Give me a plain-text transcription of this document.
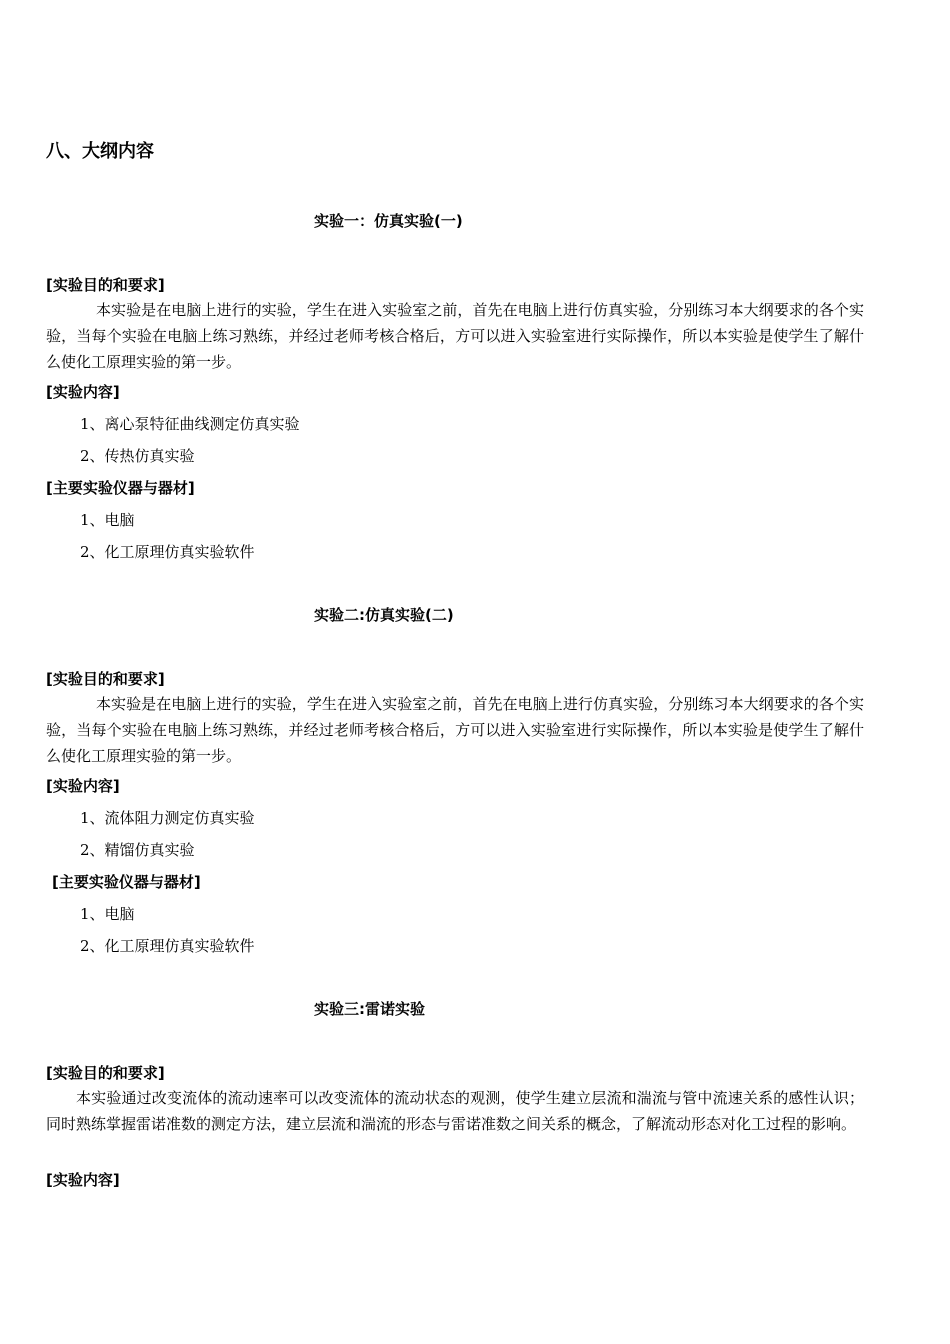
八、大纲内容
实验一：仿真实验(一)
[实验目的和要求]

本实验是在电脑上进行的实验，学生在进入实验室之前，首先在电脑上进行仿真实验，分别练习本大纲要求的各个实验，当每个实验在电脑上练习熟练，并经过老师考核合格后，方可以进入实验室进行实际操作，所以本实验是使学生了解什么使化工原理实验的第一步。

[实验内容]
1、离心泵特征曲线测定仿真实验
2、传热仿真实验
[主要实验仪器与器材]
1、电脑
2、化工原理仿真实验软件
实验二:仿真实验(二)
[实验目的和要求]

本实验是在电脑上进行的实验，学生在进入实验室之前，首先在电脑上进行仿真实验，分别练习本大纲要求的各个实验，当每个实验在电脑上练习熟练，并经过老师考核合格后，方可以进入实验室进行实际操作，所以本实验是使学生了解什么使化工原理实验的第一步。

[实验内容]
1、流体阻力测定仿真实验
2、精馏仿真实验
[主要实验仪器与器材]
1、电脑
2、化工原理仿真实验软件
实验三:雷诺实验
[实验目的和要求]

本实验通过改变流体的流动速率可以改变流体的流动状态的观测，使学生建立层流和湍流与管中流速关系的感性认识；同时熟练掌握雷诺准数的测定方法，建立层流和湍流的形态与雷诺准数之间关系的概念，了解流动形态对化工过程的影响。

[实验内容]
